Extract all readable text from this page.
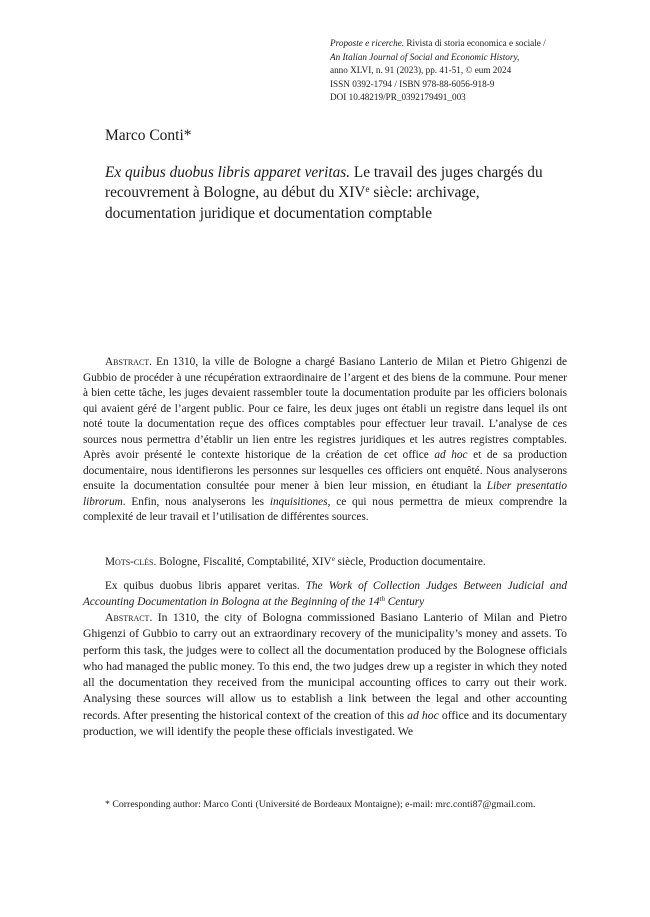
Proposte e ricerche. Rivista di storia economica e sociale /
An Italian Journal of Social and Economic History,
anno XLVI, n. 91 (2023), pp. 41-51, © eum 2024
ISSN 0392-1794 / ISBN 978-88-6056-918-9
DOI 10.48219/PR_0392179491_003
Marco Conti*
Ex quibus duobus libris apparet veritas. Le travail des juges chargés du recouvrement à Bologne, au début du XIVe siècle: archivage, documentation juridique et documentation comptable
Abstract. En 1310, la ville de Bologne a chargé Basiano Lanterio de Milan et Pietro Ghigenzi de Gubbio de procéder à une récupération extraordinaire de l’argent et des biens de la commune. Pour mener à bien cette tâche, les juges devaient rassembler toute la documentation produite par les officiers bolonais qui avaient géré de l’argent public. Pour ce faire, les deux juges ont établi un registre dans lequel ils ont noté toute la documentation reçue des offices comptables pour effectuer leur travail. L’analyse de ces sources nous permettra d’établir un lien entre les registres juridiques et les autres registres comptables. Après avoir présenté le contexte historique de la création de cet office ad hoc et de sa production documentaire, nous identifierons les personnes sur lesquelles ces officiers ont enquêté. Nous analyserons ensuite la documentation consultée pour mener à bien leur mission, en étudiant la Liber presentatio librorum. Enfin, nous analyserons les inquisitiones, ce qui nous permettra de mieux comprendre la complexité de leur travail et l’utilisation de différentes sources.
Mots-clés. Bologne, Fiscalité, Comptabilité, XIVe siècle, Production documentaire.
Ex quibus duobus libris apparet veritas. The Work of Collection Judges Between Judicial and Accounting Documentation in Bologna at the Beginning of the 14th Century
Abstract. In 1310, the city of Bologna commissioned Basiano Lanterio of Milan and Pietro Ghigenzi of Gubbio to carry out an extraordinary recovery of the municipality’s money and assets. To perform this task, the judges were to collect all the documentation produced by the Bolognese officials who had managed the public money. To this end, the two judges drew up a register in which they noted all the documentation they received from the municipal accounting offices to carry out their work. Analysing these sources will allow us to establish a link between the legal and other accounting records. After presenting the historical context of the creation of this ad hoc office and its documentary production, we will identify the people these officials investigated. We
* Corresponding author: Marco Conti (Université de Bordeaux Montaigne); e-mail: mrc.conti87@gmail.com.
